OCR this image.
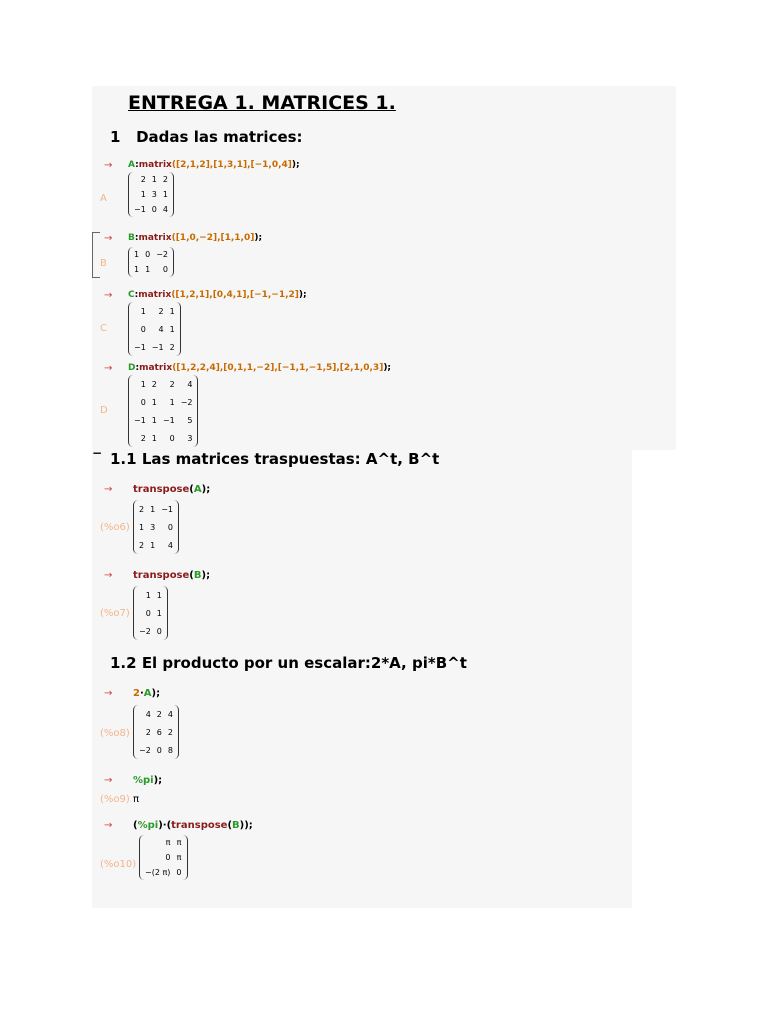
ENTREGA 1. MATRICES 1.
1 Dadas las matrices:
→ A:matrix([2,1,2],[1,3,1],[−1,0,4]);
A
2	1	2
1	3	1
−1	0	4
→ B:matrix([1,0,−2],[1,1,0]);
B
1	0	−2
1	1	0
→ C:matrix([1,2,1],[0,4,1],[−1,−1,2]);
C
1	2	1
0	4	1
−1	−1	2
→ D:matrix([1,2,2,4],[0,1,1,−2],[−1,1,−1,5],[2,1,0,3]);
D
1	2	2	4
0	1	1	−2
−1	1	−1	5
2	1	0	3
− 1.1 Las matrices traspuestas: A^t, B^t
→ transpose(A);
(%o6)
2	1	−1
1	3	0
2	1	4
→ transpose(B);
(%o7)
1	1
0	1
−2	0
1.2 El producto por un escalar:2*A, pi*B^t
→ 2·A);
(%o8)
4	2	4
2	6	2
−2	0	8
→ %pi);
(%o9) π
→ (%pi)·(transpose(B));
(%o10)
π	π
0	π
−(2 π)	0
